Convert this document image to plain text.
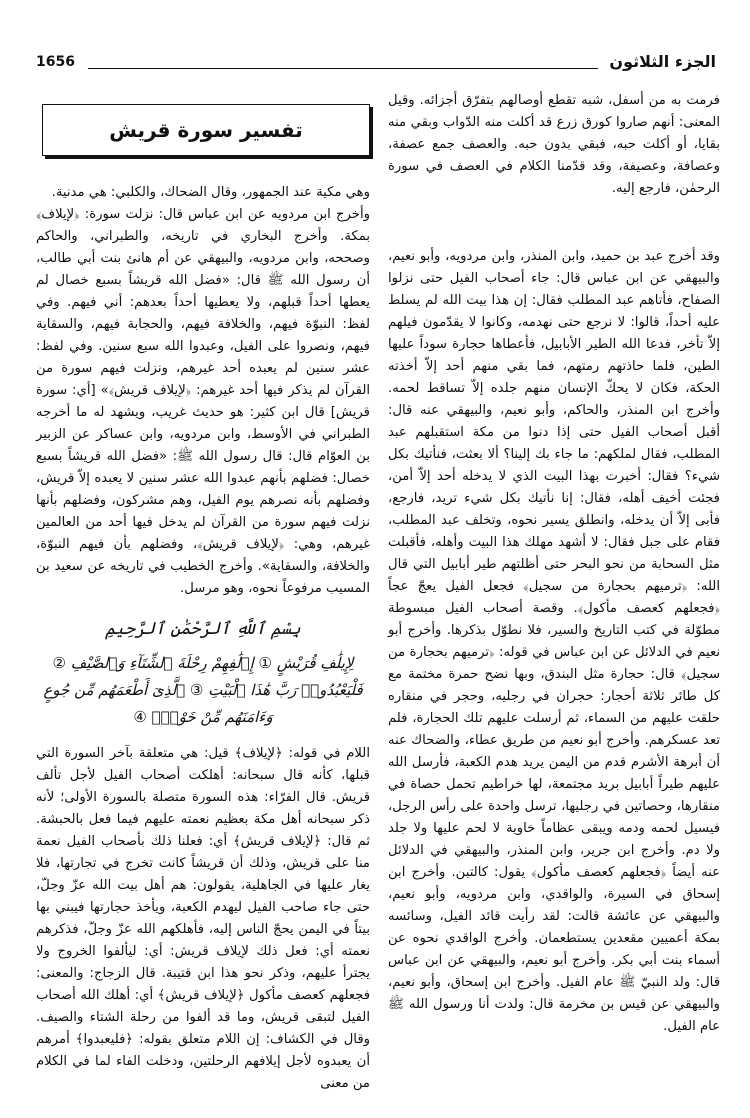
1656	الجزء الثلاثون

فرمت به من أسفل، شبه تقطع أوصالهم بتفرّق أجزائه. وقيل المعنى: أنهم صاروا كورق زرع قد أكلت منه الدّواب وبقي منه بقايا، أو أكلت حبه، فبقي بدون حبه. والعصف جمع عصفة، وعصافة، وعصيفة، وقد قدّمنا الكلام في العصف في سورة الرحمٰن، فارجع إليه.

وقد أخرج عبد بن حميد، وابن المنذر، وابن مردويه، وأبو نعيم، والبيهقي عن ابن عباس قال: جاء أصحاب الفيل حتى نزلوا الصفاح، فأتاهم عبد المطلب فقال: إن هذا بيت الله لم يسلط عليه أحداً، قالوا: لا نرجع حتى نهدمه، وكانوا لا يقدّمون فيلهم إلاّ تأخر، فدعا الله الطير الأبابيل، فأعطاها حجارة سوداً عليها الطين، فلما حاذتهم رمتهم، فما بقي منهم أحد إلاّ أخذته الحكة، فكان لا يحكّ الإنسان منهم جلده إلاّ تساقط لحمه. وأخرج ابن المنذر، والحاكم، وأبو نعيم، والبيهقي عنه قال: أقبل أصحاب الفيل حتى إذا دنوا من مكة استقبلهم عبد المطلب، فقال لملكهم: ما جاء بك إلينا؟ ألا بعثت، فنأتيك بكل شيء؟ فقال: أخبرت بهذا البيت الذي لا يدخله أحد إلاّ أمن، فجئت أخيف أهله، فقال: إنا نأتيك بكل شيء تريد، فارجع، فأبى إلاّ أن يدخله، وانطلق يسير نحوه، وتخلف عبد المطلب، فقام على جبل فقال: لا أشهد مهلك هذا البيت وأهله، فأقبلت مثل السحابة من نحو البحر حتى أظلتهم طير أبابيل التي قال الله: ﴿ترميهم بحجارة من سجيل﴾ فجعل الفيل يعجّ عجاً ﴿فجعلهم كعصف مأكول﴾. وقصة أصحاب الفيل مبسوطة مطوّلة في كتب التاريخ والسير، فلا نطوّل بذكرها. وأخرج أبو نعيم في الدلائل عن ابن عباس في قوله: ﴿ترميهم بحجارة من سجيل﴾ قال: حجارة مثل البندق، وبها نضح حمرة مختمة مع كل طائر ثلاثة أحجار: حجران في رجليه، وحجر في منقاره حلقت عليهم من السماء، ثم أرسلت عليهم تلك الحجارة، فلم تعد عسكرهم. وأخرج أبو نعيم من طريق عطاء، والضحاك عنه أن أبرهة الأشرم قدم من اليمن يريد هدم الكعبة، فأرسل الله عليهم طيراً أبابيل بريد مجتمعة، لها خراطيم تحمل حصاة في منقارها، وحصاتين في رجليها، ترسل واحدة على رأس الرجل، فيسيل لحمه ودمه ويبقى عظاماً خاوية لا لحم عليها ولا جلد ولا دم. وأخرج ابن جرير، وابن المنذر، والبيهقي في الدلائل عنه أيضاً ﴿فجعلهم كعصف مأكول﴾ يقول: كالتبن. وأخرج ابن إسحاق في السيرة، والواقدي، وابن مردويه، وأبو نعيم، والبيهقي عن عائشة قالت: لقد رأيت قائد الفيل، وسائسه بمكة أعميين مقعدين يستطعمان. وأخرج الواقدي نحوه عن أسماء بنت أبي بكر. وأخرج أبو نعيم، والبيهقي عن ابن عباس قال: ولد النبيّ ﷺ عام الفيل. وأخرج ابن إسحاق، وأبو نعيم، والبيهقي عن قيس بن مخرمة قال: ولدت أنا ورسول الله ﷺ عام الفيل.

تفسير سورة قريش

وهي مكية عند الجمهور، وقال الضحاك، والكلبي: هي مدنية.

وأخرج ابن مردويه عن ابن عباس قال: نزلت سورة: ﴿لإيلاف﴾ بمكة. وأخرج البخاري في تاريخه، والطبراني، والحاكم وصححه، وابن مردويه، والبيهقي عن أم هانئ بنت أبي طالب، أن رسول الله ﷺ قال: «فضل الله قريشاً بسبع خصال لم يعطها أحداً قبلهم، ولا يعطيها أحداً بعدهم: أني فيهم. وفي لفظ: النبوّة فيهم، والخلافة فيهم، والحجابة فيهم، والسقاية فيهم، ونصروا على الفيل، وعبدوا الله سبع سنين. وفي لفظ: عشر سنين لم يعبده أحد غيرهم، ونزلت فيهم سورة من القرآن لم يذكر فيها أحد غيرهم: ﴿لإيلاف قريش﴾» [أي: سورة قريش] قال ابن كثير: هو حديث غريب، ويشهد له ما أخرجه الطبراني في الأوسط، وابن مردويه، وابن عساكر عن الزبير بن العوّام قال: قال رسول الله ﷺ: «فضل الله قريشاً بسبع خصال: فضلهم بأنهم عبدوا الله عشر سنين لا يعبده إلاّ قريش، وفضلهم بأنه نصرهم يوم الفيل، وهم مشركون، وفضلهم بأنها نزلت فيهم سورة من القرآن لم يدخل فيها أحد من العالمين غيرهم، وهي: ﴿لإيلاف قريش﴾، وفضلهم بأن فيهم النبوّة، والخلافة، والسقاية». وأخرج الخطيب في تاريخه عن سعيد بن المسيب مرفوعاً نحوه، وهو مرسل.

بِسْمِ ٱللَّهِ ٱلرَّحْمَٰنِ ٱلرَّحِيمِ
لِإِيلَٰفِ قُرَيْشٍ ① إِۦلَٰفِهِمْ رِحْلَةَ ٱلشِّتَآءِ وَٱلصَّيْفِ ② فَلْيَعْبُدُوا۟ رَبَّ هَٰذَا ٱلْبَيْتِ ③ ٱلَّذِىٓ أَطْعَمَهُم مِّن جُوعٍ وَءَامَنَهُم مِّنْ خَوْفٍۭ ④

اللام في قوله: ﴿لإيلاف﴾ قيل: هي متعلقة بآخر السورة التي قبلها، كأنه قال سبحانه: أهلكت أصحاب الفيل لأجل تألف قريش. قال الفرّاء: هذه السورة متصلة بالسورة الأولى؛ لأنه ذكر سبحانه أهل مكة بعظيم نعمته عليهم فيما فعل بالحبشة. ثم قال: ﴿لإيلاف قريش﴾ أي: فعلنا ذلك بأصحاب الفيل نعمة منا على قريش، وذلك أن قريشاً كانت تخرج في تجارتها، فلا يغار عليها في الجاهلية، يقولون: هم أهل بيت الله عزّ وجلّ، حتى جاء صاحب الفيل ليهدم الكعبة، ويأخذ حجارتها فيبني بها بيتاً في اليمن يحجّ الناس إليه، فأهلكهم الله عزّ وجلّ، فذكرهم نعمته أي: فعل ذلك لإيلاف قريش: أي: ليألفوا الخروج ولا يجترأ عليهم، وذكر نحو هذا ابن قتيبة. قال الزجاج: والمعنى: فجعلهم كعصف مأكول ﴿لإيلاف قريش﴾ أي: أهلك الله أصحاب الفيل لتبقى قريش، وما قد ألفوا من رحلة الشتاء والصيف. وقال في الكشاف: إن اللام متعلق بقوله: ﴿فليعبدوا﴾ أمرهم أن يعبدوه لأجل إيلافهم الرحلتين، ودخلت الفاء لما في الكلام من معنى
